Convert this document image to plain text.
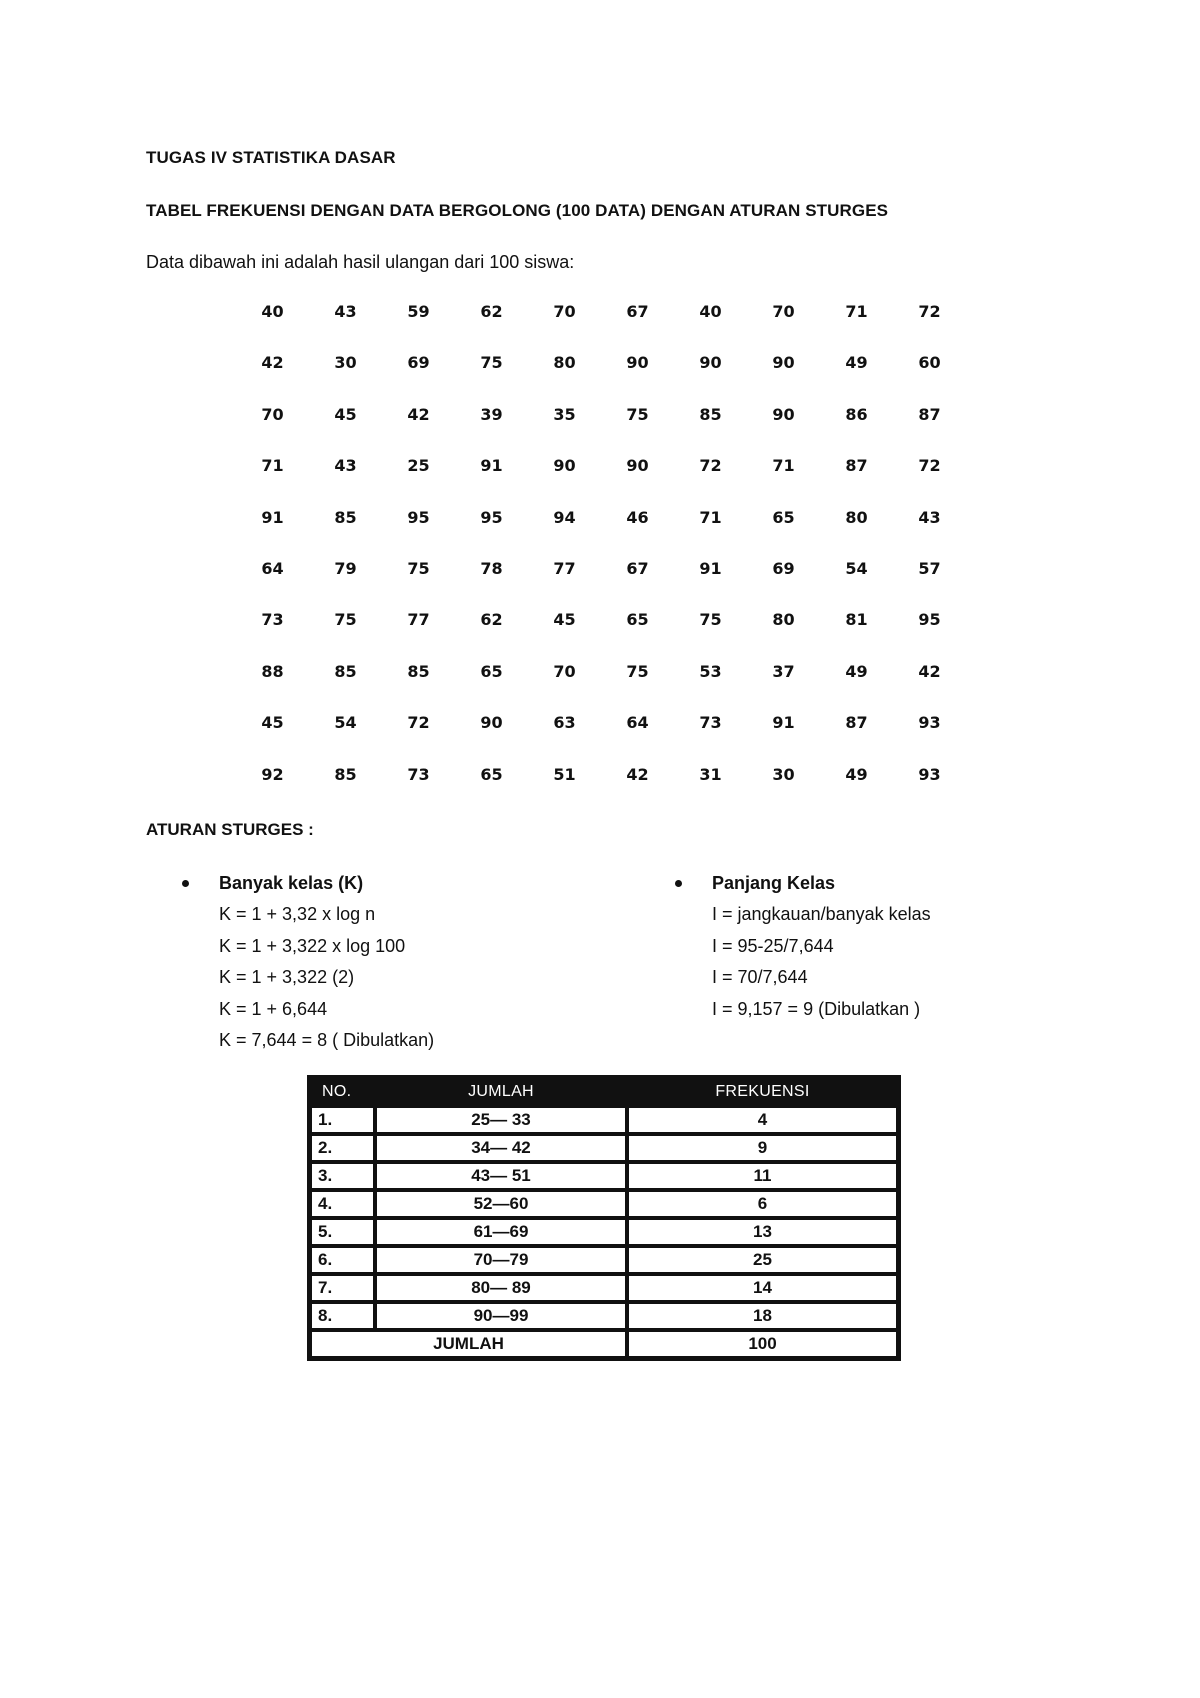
TUGAS IV STATISTIKA DASAR
TABEL FREKUENSI DENGAN DATA BERGOLONG (100 DATA) DENGAN ATURAN STURGES
Data dibawah ini adalah hasil ulangan dari 100 siswa:
40	43	59	62	70	67	40	70	71	72
42	30	69	75	80	90	90	90	49	60
70	45	42	39	35	75	85	90	86	87
71	43	25	91	90	90	72	71	87	72
91	85	95	95	94	46	71	65	80	43
64	79	75	78	77	67	91	69	54	57
73	75	77	62	45	65	75	80	81	95
88	85	85	65	70	75	53	37	49	42
45	54	72	90	63	64	73	91	87	93
92	85	73	65	51	42	31	30	49	93
ATURAN STURGES :
Banyak kelas (K)
K = 1 + 3,32 x log n
K = 1 + 3,322 x log 100
K = 1 + 3,322 (2)
K = 1 + 6,644
K = 7,644 = 8 ( Dibulatkan)
Panjang Kelas
I = jangkauan/banyak kelas
I = 95-25/7,644
I = 70/7,644
I = 9,157 = 9 (Dibulatkan )
NO.	JUMLAH	FREKUENSI
1.	25— 33	4
2.	34— 42	9
3.	43— 51	11
4.	52—60	6
5.	61—69	13
6.	70—79	25
7.	80— 89	14
8.	90—99	18
JUMLAH		100
